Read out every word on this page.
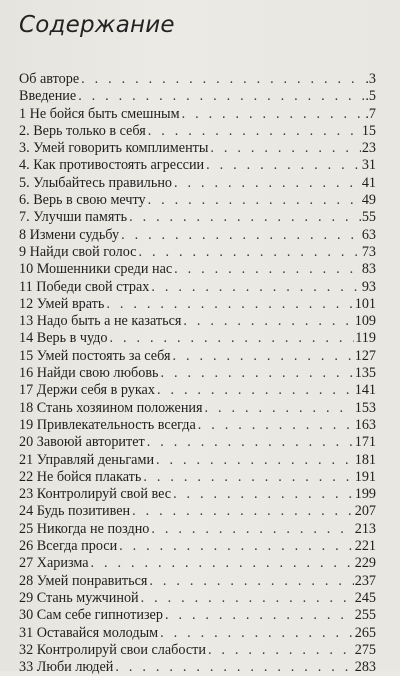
Содержание
Об авторе . . .	.3
Введение . . .	.5
1 Не бойся быть смешным . . .	.7
2. Верь только в себя . . .	15
3. Умей говорить комплименты . . .	23
4. Как противостоять агрессии . . .	31
5. Улыбайтесь правильно . . .	41
6. Верь в свою мечту . . .	49
7. Улучши память . . .	55
8 Измени судьбу . . .	63
9 Найди свой голос . . .	73
10 Мошенники среди нас . . .	83
11 Победи свой страх . . .	93
12 Умей врать . . .	101
13 Надо быть а не казаться . . .	109
14 Верь в чудо . . .	119
15 Умей постоять за себя . . .	127
16 Найди свою любовь . . .	135
17 Держи себя в руках . . .	141
18 Стань хозяином положения . . .	153
19 Привлекательность всегда . . .	163
20 Завоюй авторитет . . .	171
21 Управляй деньгами . . .	181
22 Не бойся плакать . . .	191
23 Контролируй свой вес . . .	199
24 Будь позитивен . . .	207
25 Никогда не поздно . . .	213
26 Всегда проси . . .	221
27 Харизма . . .	229
28 Умей понравиться . . .	237
29 Стань мужчиной . . .	245
30 Сам себе гипнотизер . . .	255
31 Оставайся молодым . . .	265
32 Контролируй свои слабости . . .	275
33 Люби людей . . .	283
